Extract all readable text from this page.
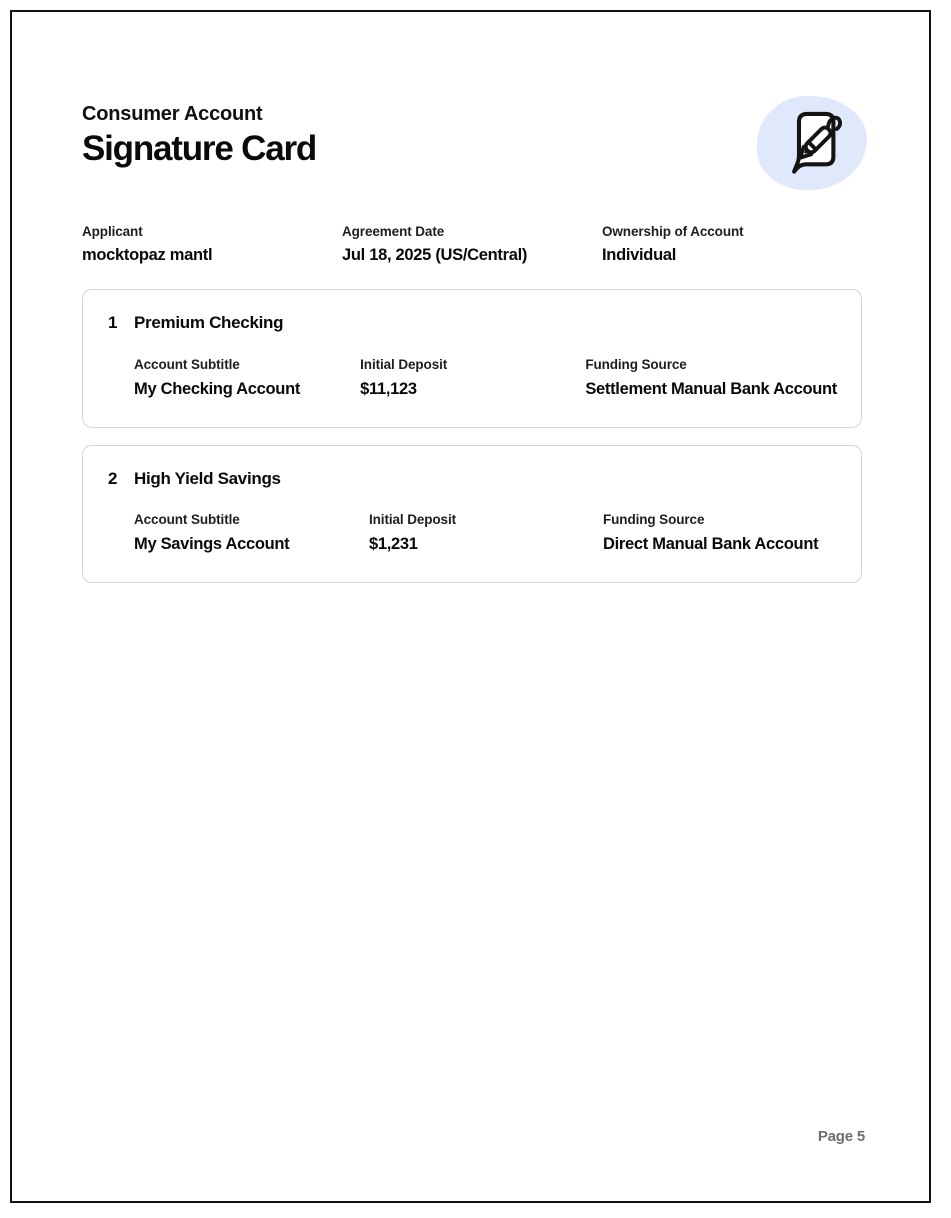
Consumer Account
Signature Card
Applicant
mocktopaz mantl
Agreement Date
Jul 18, 2025 (US/Central)
Ownership of Account
Individual
1 Premium Checking
Account Subtitle
My Checking Account
Initial Deposit
$11,123
Funding Source
Settlement Manual Bank Account
2 High Yield Savings
Account Subtitle
My Savings Account
Initial Deposit
$1,231
Funding Source
Direct Manual Bank Account
Page 5
